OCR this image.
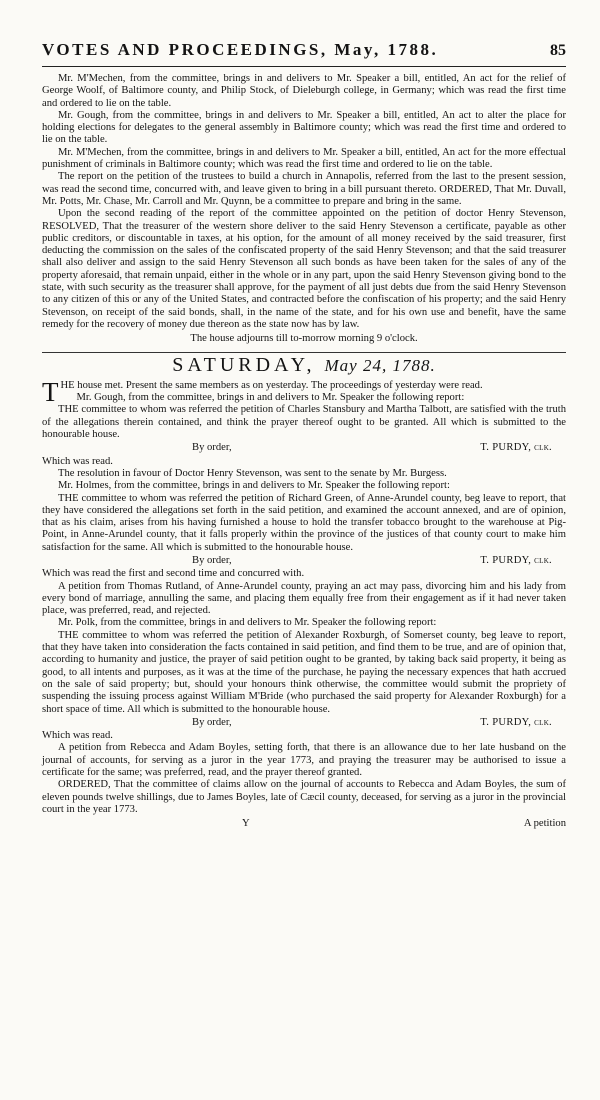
VOTES AND PROCEEDINGS, May, 1788.	85

Mr. M'Mechen, from the committee, brings in and delivers to Mr. Speaker a bill, entitled, An act for the relief of George Woolf, of Baltimore county, and Philip Stock, of Dieleburgh college, in Germany; which was read the first time and ordered to lie on the table.

Mr. Gough, from the committee, brings in and delivers to Mr. Speaker a bill, entitled, An act to alter the place for holding elections for delegates to the general assembly in Baltimore county; which was read the first time and ordered to lie on the table.

Mr. M'Mechen, from the committee, brings in and delivers to Mr. Speaker a bill, entitled, An act for the more effectual punishment of criminals in Baltimore county; which was read the first time and ordered to lie on the table.

The report on the petition of the trustees to build a church in Annapolis, referred from the last to the present session, was read the second time, concurred with, and leave given to bring in a bill pursuant thereto. ORDERED, That Mr. Duvall, Mr. Potts, Mr. Chase, Mr. Carroll and Mr. Quynn, be a committee to prepare and bring in the same.

Upon the second reading of the report of the committee appointed on the petition of doctor Henry Stevenson, RESOLVED, That the treasurer of the western shore deliver to the said Henry Stevenson a certificate, payable as other public creditors, or discountable in taxes, at his option, for the amount of all money received by the said treasurer, first deducting the commission on the sales of the confiscated property of the said Henry Stevenson; and that the said treasurer shall also deliver and assign to the said Henry Stevenson all such bonds as have been taken for the sales of any of the property aforesaid, that remain unpaid, either in the whole or in any part, upon the said Henry Stevenson giving bond to the state, with such security as the treasurer shall approve, for the payment of all just debts due from the said Henry Stevenson to any citizen of this or any of the United States, and contracted before the confiscation of his property; and the said Henry Stevenson, on receipt of the said bonds, shall, in the name of the state, and for his own use and benefit, have the same remedy for the recovery of money due thereon as the state now has by law.

The house adjourns till to-morrow morning 9 o'clock.

SATURDAY, May 24, 1788.

THE house met. Present the same members as on yesterday. The proceedings of yesterday were read.

Mr. Gough, from the committee, brings in and delivers to Mr. Speaker the following report:

THE committee to whom was referred the petition of Charles Stansbury and Martha Talbott, are satisfied with the truth of the allegations therein contained, and think the prayer thereof ought to be granted. All which is submitted to the honourable house.

By order,	T. PURDY, clk.

Which was read.

The resolution in favour of Doctor Henry Stevenson, was sent to the senate by Mr. Burgess.

Mr. Holmes, from the committee, brings in and delivers to Mr. Speaker the following report:

THE committee to whom was referred the petition of Richard Green, of Anne-Arundel county, beg leave to report, that they have considered the allegations set forth in the said petition, and examined the account annexed, and are of opinion, that as his claim, arises from his having furnished a house to hold the transfer tobacco brought to the warehouse at Pig-Point, in Anne-Arundel county, that it falls properly within the province of the justices of that county court to make him satisfaction for the same. All which is submitted to the honourable house.

By order,	T. PURDY, clk.

Which was read the first and second time and concurred with.

A petition from Thomas Rutland, of Anne-Arundel county, praying an act may pass, divorcing him and his lady from every bond of marriage, annulling the same, and placing them equally free from their engagement as if it had never taken place, was preferred, read, and rejected.

Mr. Polk, from the committee, brings in and delivers to Mr. Speaker the following report:

THE committee to whom was referred the petition of Alexander Roxburgh, of Somerset county, beg leave to report, that they have taken into consideration the facts contained in said petition, and find them to be true, and are of opinion that, according to humanity and justice, the prayer of said petition ought to be granted, by taking back said property, it being as good, to all intents and purposes, as it was at the time of the purchase, he paying the necessary expences that hath accrued on the sale of said property; but, should your honours think otherwise, the committee would submit the propriety of suspending the issuing process against William M'Bride (who purchased the said property for Alexander Roxburgh) for a short space of time. All which is submitted to the honourable house.

By order,	T. PURDY, clk.

Which was read.

A petition from Rebecca and Adam Boyles, setting forth, that there is an allowance due to her late husband on the journal of accounts, for serving as a juror in the year 1773, and praying the treasurer may be authorised to issue a certificate for the same; was preferred, read, and the prayer thereof granted.

ORDERED, That the committee of claims allow on the journal of accounts to Rebecca and Adam Boyles, the sum of eleven pounds twelve shillings, due to James Boyles, late of Cæcil county, deceased, for serving as a juror in the provincial court in the year 1773.

Y	A petition
